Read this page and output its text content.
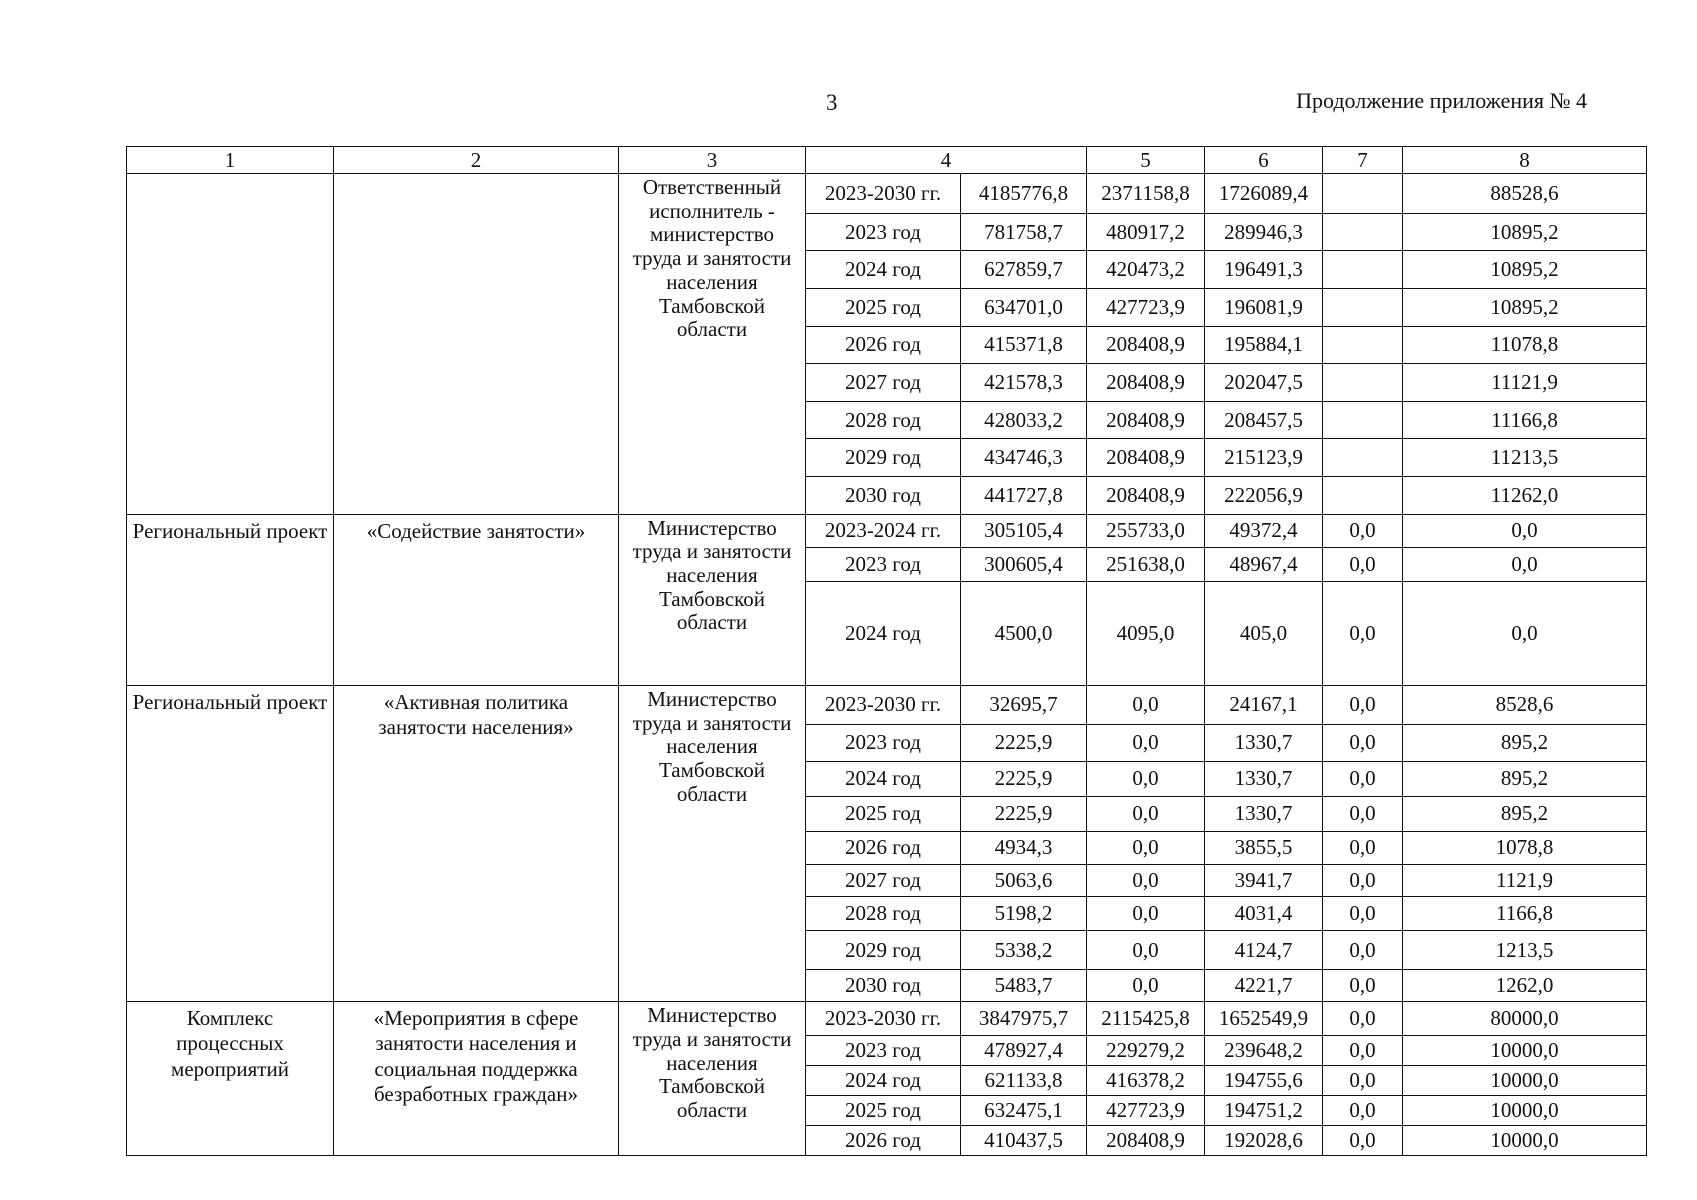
3	Продолжение приложения № 4
1	2	3	4		5	6	7	8
		Ответственный исполнитель - министерство труда и занятости населения Тамбовской области	2023-2030 гг.	4185776,8	2371158,8	1726089,4		88528,6
			2023 год	781758,7	480917,2	289946,3		10895,2
			2024 год	627859,7	420473,2	196491,3		10895,2
			2025 год	634701,0	427723,9	196081,9		10895,2
			2026 год	415371,8	208408,9	195884,1		11078,8
			2027 год	421578,3	208408,9	202047,5		11121,9
			2028 год	428033,2	208408,9	208457,5		11166,8
			2029 год	434746,3	208408,9	215123,9		11213,5
			2030 год	441727,8	208408,9	222056,9		11262,0
Региональный проект	«Содействие занятости»	Министерство труда и занятости населения Тамбовской области	2023-2024 гг.	305105,4	255733,0	49372,4	0,0	0,0
			2023 год	300605,4	251638,0	48967,4	0,0	0,0
			2024 год	4500,0	4095,0	405,0	0,0	0,0
Региональный проект	«Активная политика занятости населения»	Министерство труда и занятости населения Тамбовской области	2023-2030 гг.	32695,7	0,0	24167,1	0,0	8528,6
			2023 год	2225,9	0,0	1330,7	0,0	895,2
			2024 год	2225,9	0,0	1330,7	0,0	895,2
			2025 год	2225,9	0,0	1330,7	0,0	895,2
			2026 год	4934,3	0,0	3855,5	0,0	1078,8
			2027 год	5063,6	0,0	3941,7	0,0	1121,9
			2028 год	5198,2	0,0	4031,4	0,0	1166,8
			2029 год	5338,2	0,0	4124,7	0,0	1213,5
			2030 год	5483,7	0,0	4221,7	0,0	1262,0
Комплекс процессных мероприятий	«Мероприятия в сфере занятости населения и социальная поддержка безработных граждан»	Министерство труда и занятости населения Тамбовской области	2023-2030 гг.	3847975,7	2115425,8	1652549,9	0,0	80000,0
			2023 год	478927,4	229279,2	239648,2	0,0	10000,0
			2024 год	621133,8	416378,2	194755,6	0,0	10000,0
			2025 год	632475,1	427723,9	194751,2	0,0	10000,0
			2026 год	410437,5	208408,9	192028,6	0,0	10000,0
